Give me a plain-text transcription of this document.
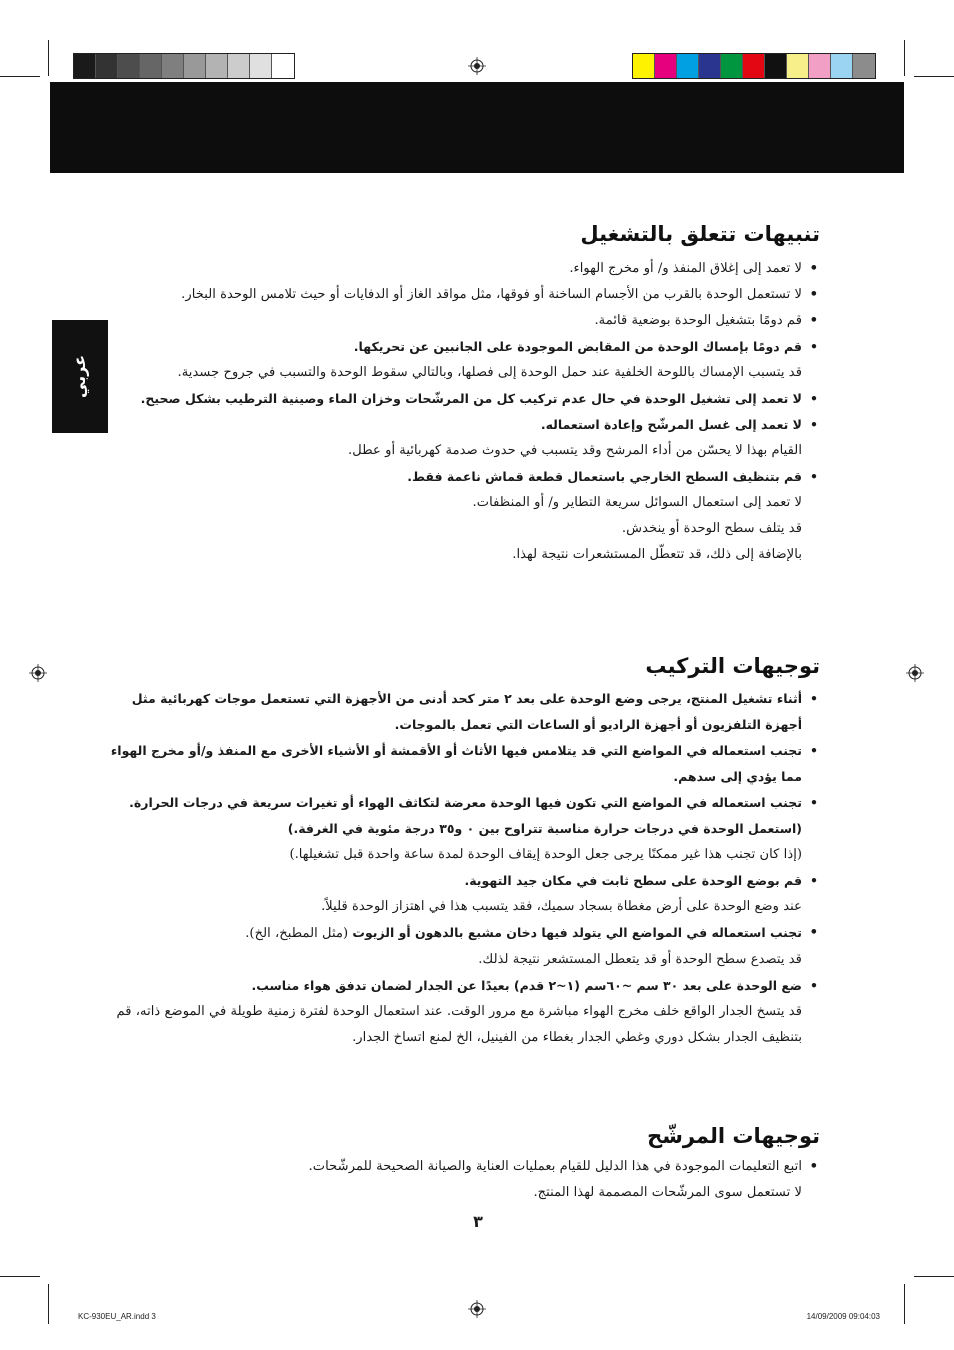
عربي
تنبيهات تتعلق بالتشغيل
• لا تعمد إلى إغلاق المنفذ و/ أو مخرج الهواء.
• لا تستعمل الوحدة بالقرب من الأجسام الساخنة أو فوقها، مثل مواقد الغاز أو الدفايات أو حيث تلامس الوحدة البخار.
• قم دومًا بتشغيل الوحدة بوضعية قائمة.
• قم دومًا بإمساك الوحدة من المقابض الموجودة على الجانبين عن تحريكها.
قد يتسبب الإمساك باللوحة الخلفية عند حمل الوحدة إلى فصلها، وبالتالي سقوط الوحدة والتسبب في جروح جسدية.
• لا تعمد إلى تشغيل الوحدة في حال عدم تركيب كل من المرشّحات وخزان الماء وصينية الترطيب بشكل صحيح.
• لا تعمد إلى غسل المرشّح وإعادة استعماله.
القيام بهذا لا يحسّن من أداء المرشح وقد يتسبب في حدوث صدمة كهربائية أو عطل.
• قم بتنظيف السطح الخارجي باستعمال قطعة قماش ناعمة فقط.
لا تعمد إلى استعمال السوائل سريعة التطاير و/ أو المنظفات.
قد يتلف سطح الوحدة أو ينخدش.
بالإضافة إلى ذلك، قد تتعطّل المستشعرات نتيجة لهذا.
توجيهات التركيب
• أثناء تشغيل المنتج، يرجى وضع الوحدة على بعد ٢ متر كحد أدنى من الأجهزة التي تستعمل موجات كهربائية مثل أجهزة التلفزيون أو أجهزة الراديو أو الساعات التي تعمل بالموجات.
• تجنب استعماله في المواضع التي قد يتلامس فيها الأثاث أو الأقمشة أو الأشياء الأخرى مع المنفذ و/أو مخرج الهواء مما يؤدي إلى سدهم.
• تجنب استعماله في المواضع التي تكون فيها الوحدة معرضة لتكاثف الهواء أو تغيرات سريعة في درجات الحرارة. (استعمل الوحدة في درجات حرارة مناسبة تتراوح بين ٠ و٣٥ درجة مئوية في الغرفة.)
(إذا كان تجنب هذا غير ممكنًا يرجى جعل الوحدة إيقاف الوحدة لمدة ساعة واحدة قبل تشغيلها.)
• قم بوضع الوحدة على سطح ثابت في مكان جيد التهوية.
عند وضع الوحدة على أرض مغطاة بسجاد سميك، فقد يتسبب هذا في اهتزاز الوحدة قليلاً.
• تجنب استعماله في المواضع الي يتولد فيها دخان مشبع بالدهون أو الزيوت (مثل المطبخ، الخ).
قد يتصدع سطح الوحدة أو قد يتعطل المستشعر نتيجة لذلك.
• ضع الوحدة على بعد ٣٠ سم ~٦٠سم (١~٢ قدم) بعيدًا عن الجدار لضمان تدفق هواء مناسب.
قد يتسخ الجدار الواقع خلف مخرج الهواء مباشرة مع مرور الوقت. عند استعمال الوحدة لفترة زمنية طويلة في الموضع ذاته، قم بتنظيف الجدار بشكل دوري وغطي الجدار بغطاء من الفينيل، الخ لمنع اتساخ الجدار.
توجيهات المرشّح
• اتبع التعليمات الموجودة في هذا الدليل للقيام بعمليات العناية والصيانة الصحيحة للمرشّحات.
لا تستعمل سوى المرشّحات المصممة لهذا المنتج.
٣
KC-930EU_AR.indd 3	14/09/2009 09:04:03
